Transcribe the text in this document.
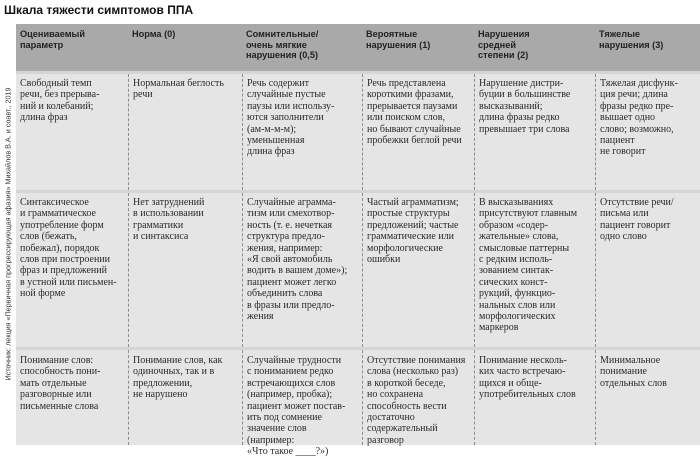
Шкала тяжести симптомов ППА
Источник: лекция «Первичная прогрессирующая афазия» Михайлов В.А. и соавт., 2019
Оцениваемый
параметр
Норма (0)	Сомнительные/
очень мягкие
нарушения (0,5)
Вероятные
нарушения (1)
Нарушения
средней
степени (2)
Тяжелые
нарушения (3)
Свободный темп
речи, без прерыва-
ний и колебаний;
длина фраз
Нормальная беглость
речи
Речь содержит
случайные пустые
паузы или использу-
ются заполнители
(ам-м-м-м);
уменьшенная
длина фраз
Речь представлена
короткими фразами,
прерывается паузами
или поиском слов,
но бывают случайные
пробежки беглой речи
Нарушение дистри-
буции в большинстве
высказываний;
длина фразы редко
превышает три слова
Тяжелая дисфунк-
ция речи; длина
фразы редко пре-
вышает одно
слово; возможно,
пациент
не говорит
Синтаксическое
и грамматическое
употребление форм
слов (бежать,
побежал), порядок
слов при построении
фраз и предложений
в устной или письмен-
ной форме
Нет затруднений
в использовании
грамматики
и синтаксиса
Случайные аграмма-
тизм или смехотвор-
ность (т. е. нечеткая
структура предло-
жения, например:
«Я свой автомобиль
водить в вашем доме»);
пациент может легко
объединить слова
в фразы или предло-
жения
Частый аграмматизм;
простые структуры
предложений; частые
грамматические или
морфологические
ошибки
В высказываниях
присутствуют главным
образом «содер-
жательные» слова,
смысловые паттерны
с редким исполь-
зованием синтак-
сических конст-
рукций, функцио-
нальных слов или
морфологических
маркеров
Отсутствие речи/
письма или
пациент говорит
одно слово
Понимание слов:
способность пони-
мать отдельные
разговорные или
письменные слова
Понимание слов, как
одиночных, так и в
предложении,
не нарушено
Случайные трудности
с пониманием редко
встречающихся слов
(например, пробка);
пациент может постав-
ить под сомнение
значение слов
(например:
«Что такое ____?»)
Отсутствие понимания
слова (несколько раз)
в короткой беседе,
но сохранена
способность вести
достаточно
содержательный
разговор
Понимание несколь-
ких часто встречаю-
щихся и обще-
употребительных слов
Минимальное
понимание
отдельных слов
